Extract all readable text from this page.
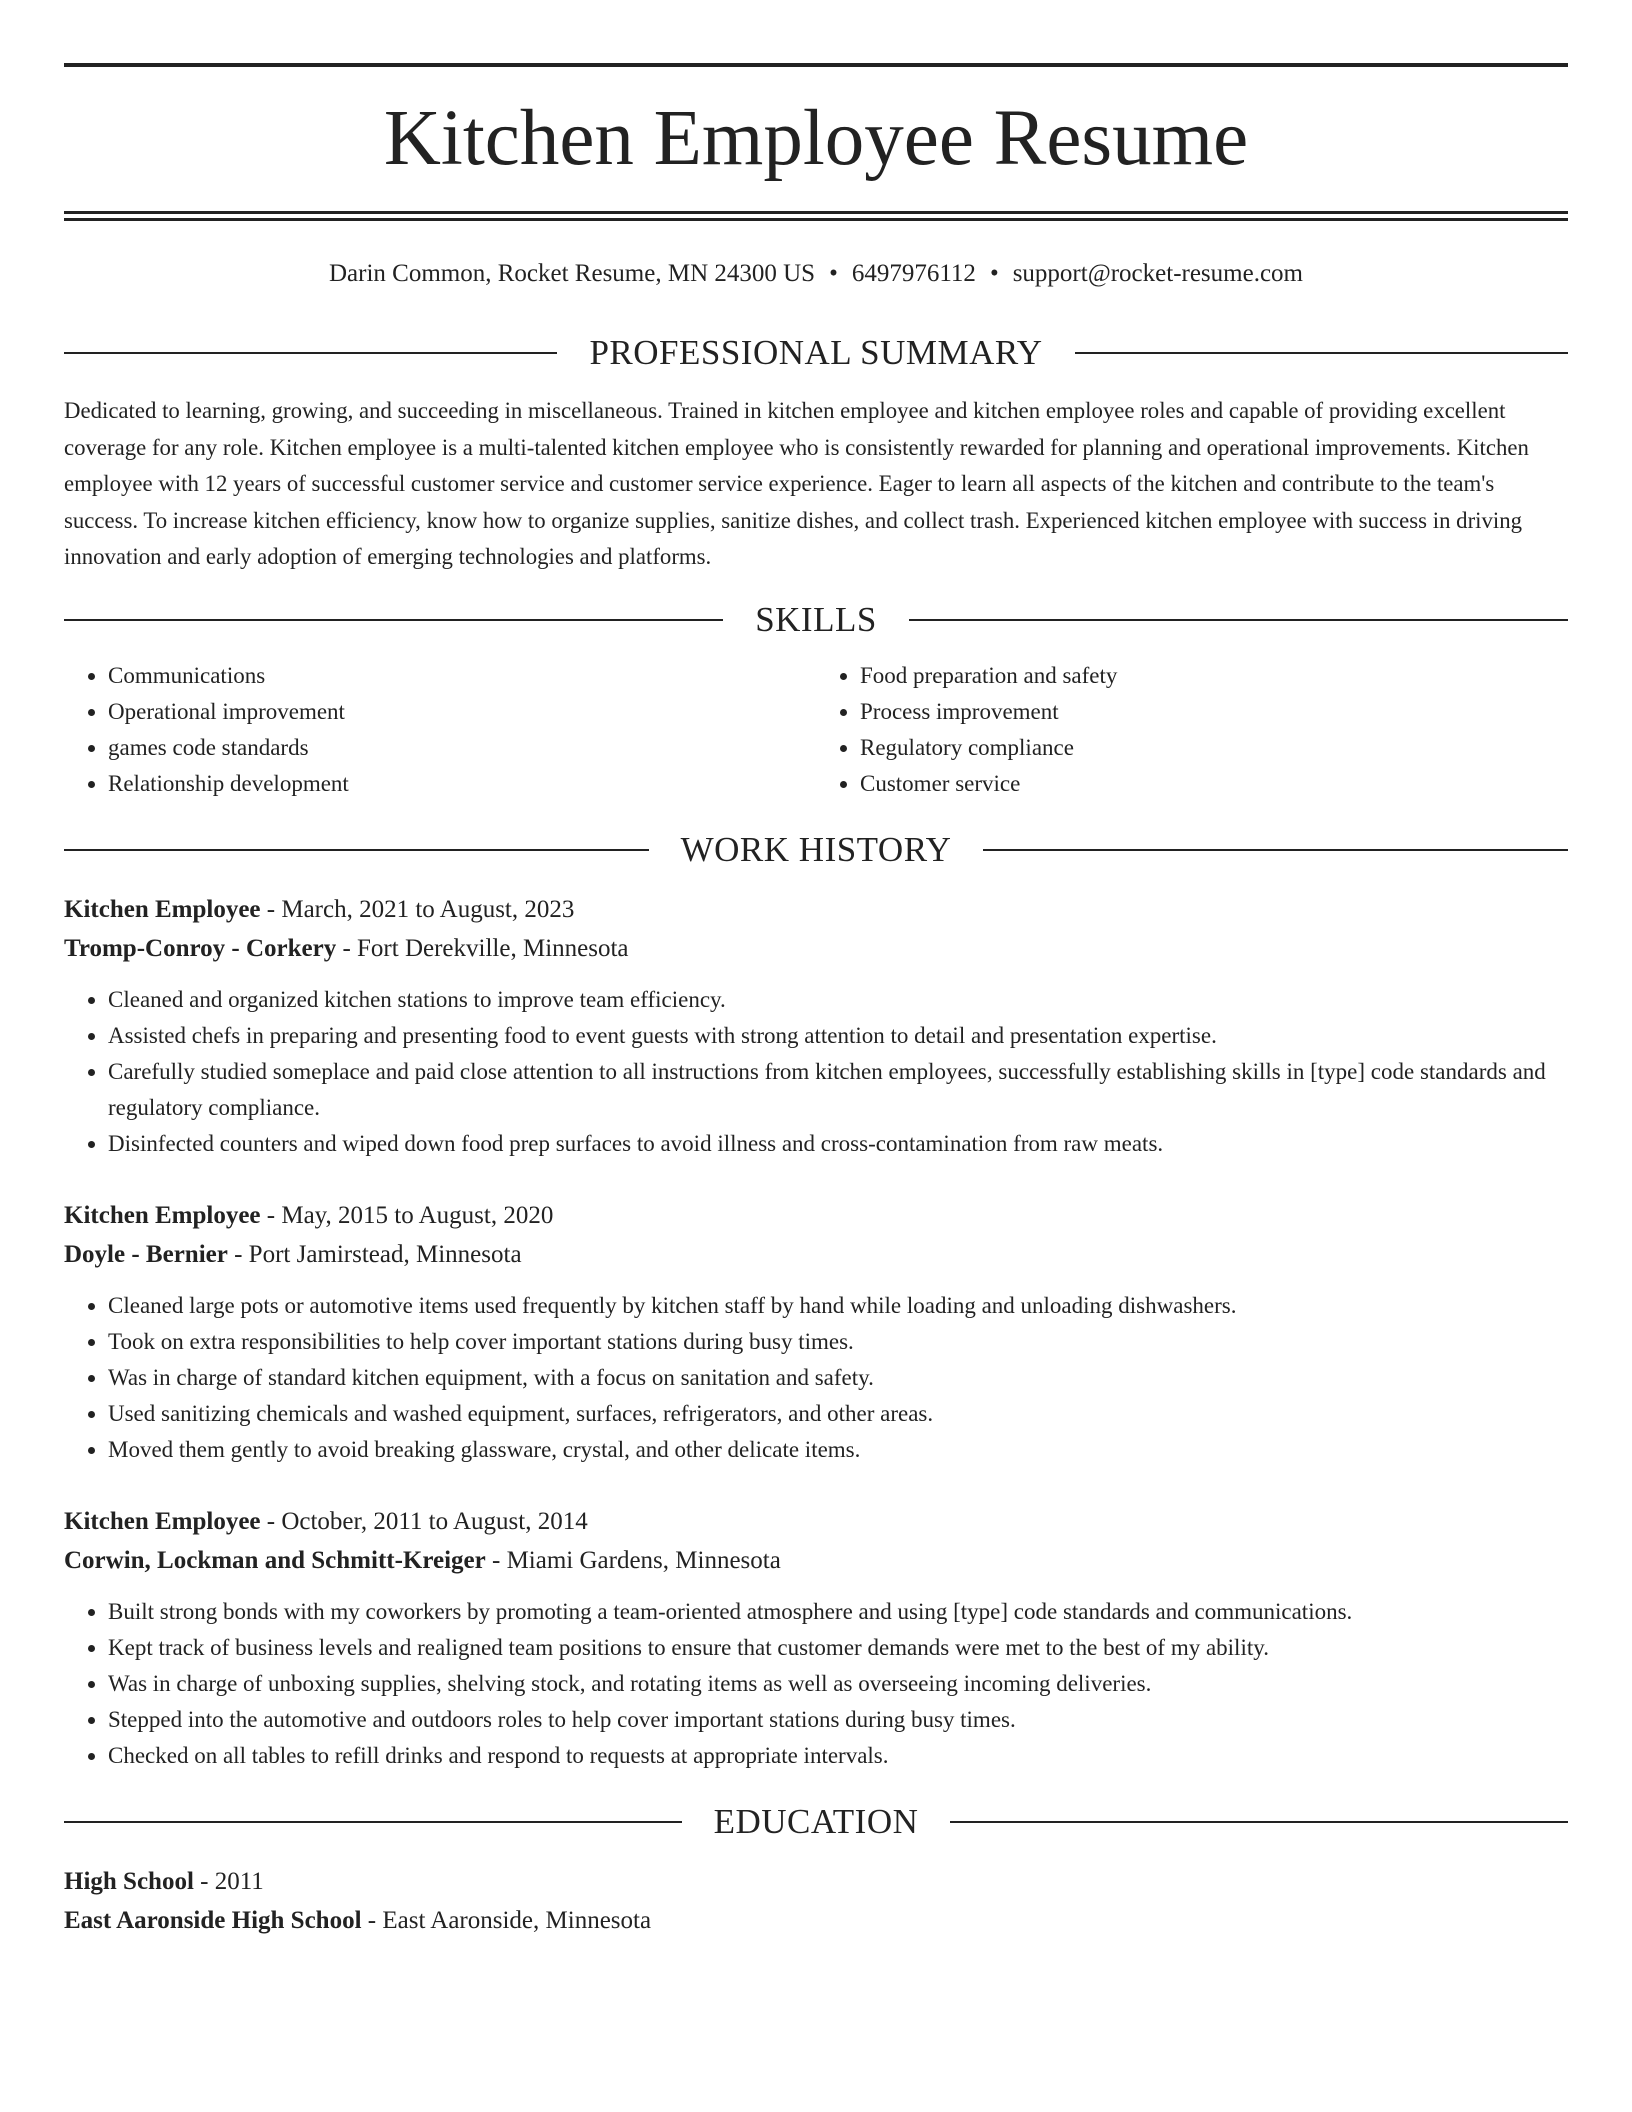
Kitchen Employee Resume
Darin Common, Rocket Resume, MN 24300 US • 6497976112 • support@rocket-resume.com
PROFESSIONAL SUMMARY
Dedicated to learning, growing, and succeeding in miscellaneous. Trained in kitchen employee and kitchen employee roles and capable of providing excellent coverage for any role. Kitchen employee is a multi-talented kitchen employee who is consistently rewarded for planning and operational improvements. Kitchen employee with 12 years of successful customer service and customer service experience. Eager to learn all aspects of the kitchen and contribute to the team's success. To increase kitchen efficiency, know how to organize supplies, sanitize dishes, and collect trash. Experienced kitchen employee with success in driving innovation and early adoption of emerging technologies and platforms.
SKILLS
• Communications
• Operational improvement
• games code standards
• Relationship development
• Food preparation and safety
• Process improvement
• Regulatory compliance
• Customer service
WORK HISTORY
Kitchen Employee - March, 2021 to August, 2023
Tromp-Conroy - Corkery - Fort Derekville, Minnesota
• Cleaned and organized kitchen stations to improve team efficiency.
• Assisted chefs in preparing and presenting food to event guests with strong attention to detail and presentation expertise.
• Carefully studied someplace and paid close attention to all instructions from kitchen employees, successfully establishing skills in [type] code standards and regulatory compliance.
• Disinfected counters and wiped down food prep surfaces to avoid illness and cross-contamination from raw meats.
Kitchen Employee - May, 2015 to August, 2020
Doyle - Bernier - Port Jamirstead, Minnesota
• Cleaned large pots or automotive items used frequently by kitchen staff by hand while loading and unloading dishwashers.
• Took on extra responsibilities to help cover important stations during busy times.
• Was in charge of standard kitchen equipment, with a focus on sanitation and safety.
• Used sanitizing chemicals and washed equipment, surfaces, refrigerators, and other areas.
• Moved them gently to avoid breaking glassware, crystal, and other delicate items.
Kitchen Employee - October, 2011 to August, 2014
Corwin, Lockman and Schmitt-Kreiger - Miami Gardens, Minnesota
• Built strong bonds with my coworkers by promoting a team-oriented atmosphere and using [type] code standards and communications.
• Kept track of business levels and realigned team positions to ensure that customer demands were met to the best of my ability.
• Was in charge of unboxing supplies, shelving stock, and rotating items as well as overseeing incoming deliveries.
• Stepped into the automotive and outdoors roles to help cover important stations during busy times.
• Checked on all tables to refill drinks and respond to requests at appropriate intervals.
EDUCATION
High School - 2011
East Aaronside High School - East Aaronside, Minnesota
